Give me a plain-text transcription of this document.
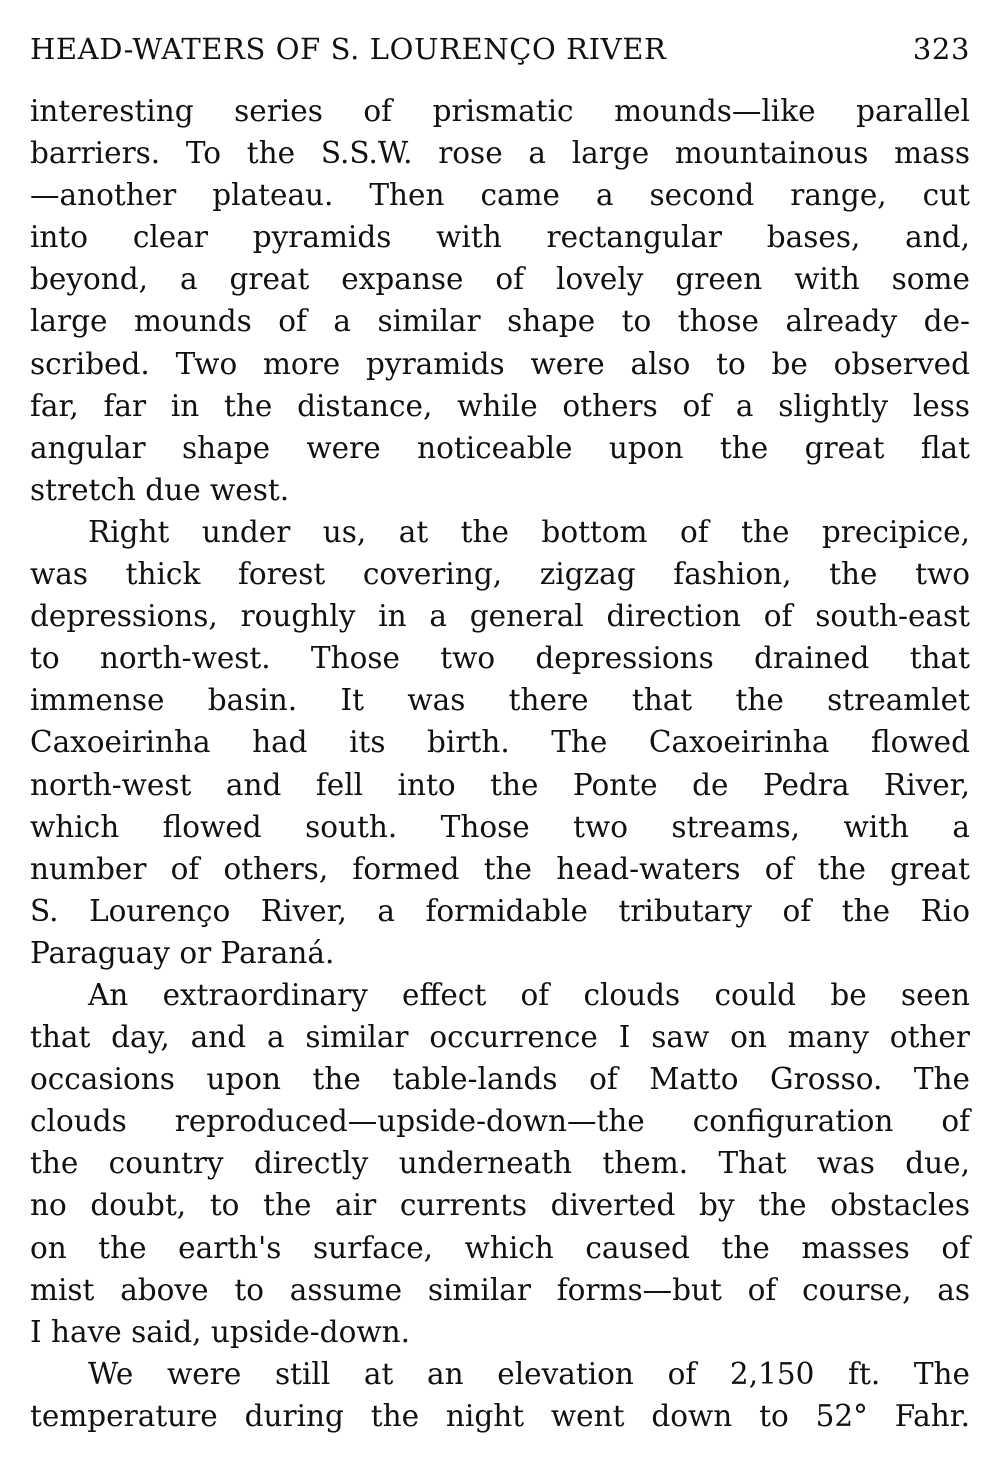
HEAD-WATERS OF S. LOURENÇO RIVER	323
interesting series of prismatic mounds—like parallel
barriers. To the S.S.W. rose a large mountainous mass
—another plateau. Then came a second range, cut
into clear pyramids with rectangular bases, and,
beyond, a great expanse of lovely green with some
large mounds of a similar shape to those already de-
scribed. Two more pyramids were also to be observed
far, far in the distance, while others of a slightly less
angular shape were noticeable upon the great flat
stretch due west.
Right under us, at the bottom of the precipice,
was thick forest covering, zigzag fashion, the two
depressions, roughly in a general direction of south-east
to north-west. Those two depressions drained that
immense basin. It was there that the streamlet
Caxoeirinha had its birth. The Caxoeirinha flowed
north-west and fell into the Ponte de Pedra River,
which flowed south. Those two streams, with a
number of others, formed the head-waters of the great
S. Lourenço River, a formidable tributary of the Rio
Paraguay or Paraná.
An extraordinary effect of clouds could be seen
that day, and a similar occurrence I saw on many other
occasions upon the table-lands of Matto Grosso. The
clouds reproduced—upside-down—the configuration of
the country directly underneath them. That was due,
no doubt, to the air currents diverted by the obstacles
on the earth's surface, which caused the masses of
mist above to assume similar forms—but of course, as
I have said, upside-down.
We were still at an elevation of 2,150 ft. The
temperature during the night went down to 52° Fahr.
